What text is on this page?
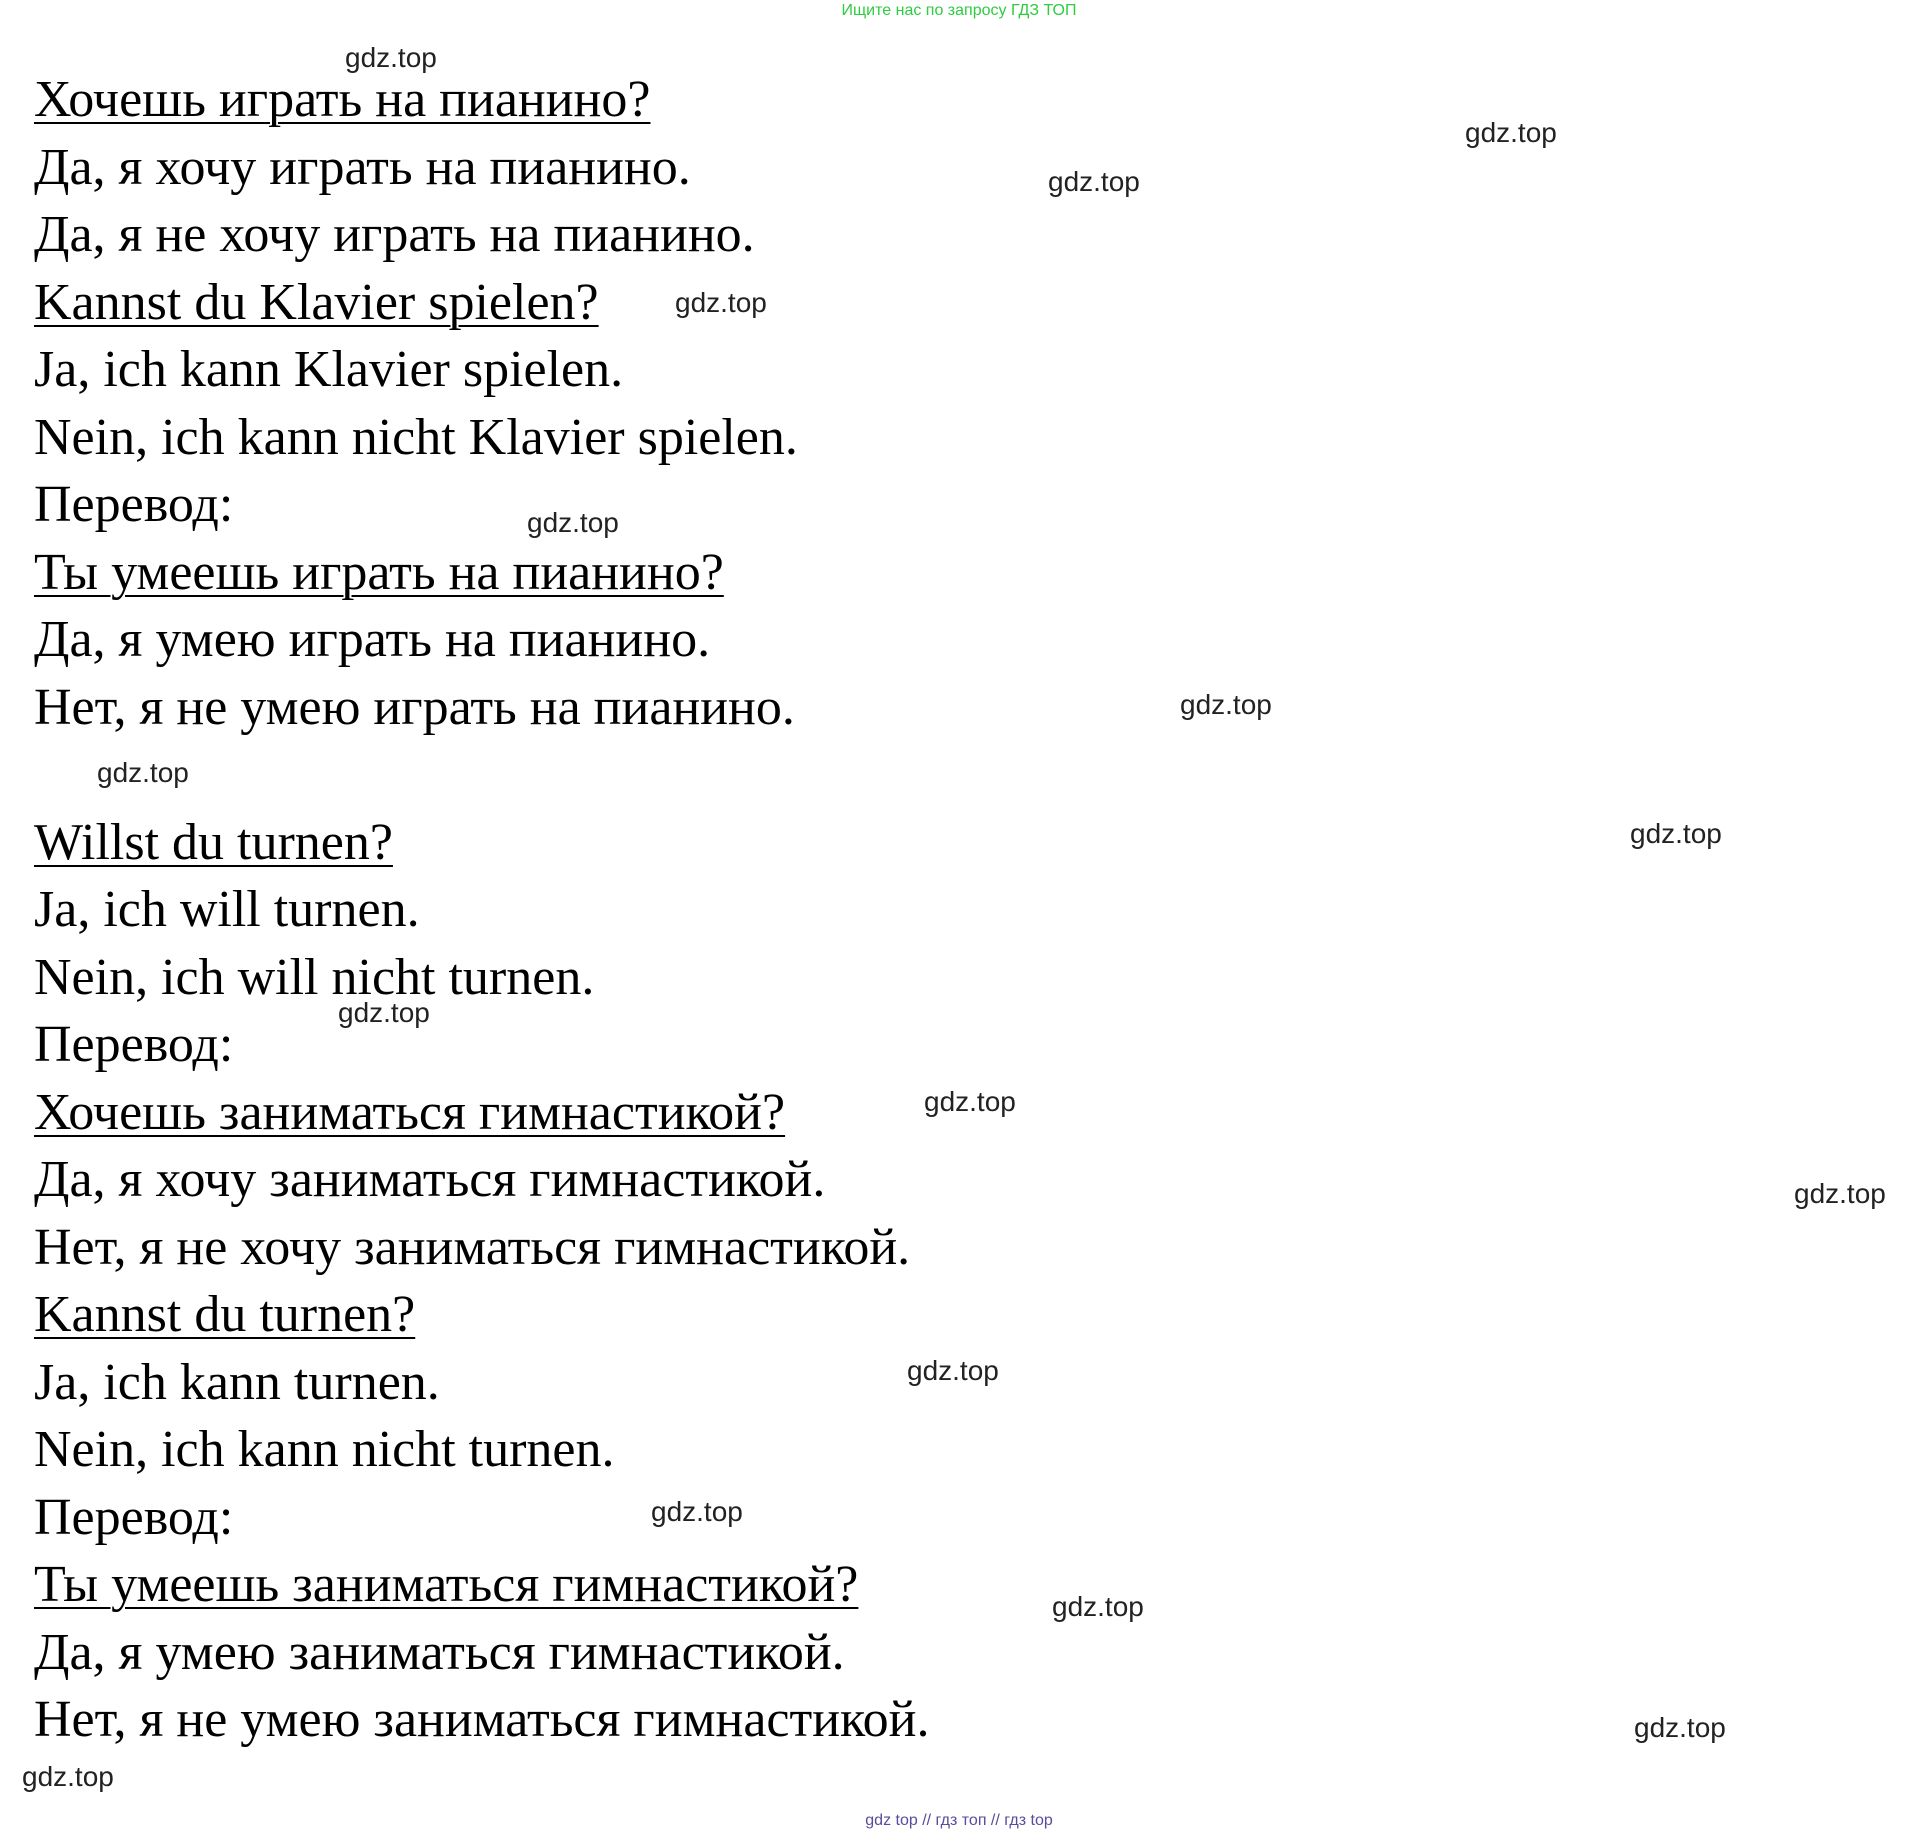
Ищите нас по запросу ГДЗ ТОП
Хочешь играть на пианино?
Да, я хочу играть на пианино.
Да, я не хочу играть на пианино.
Kannst du Klavier spielen?
Ja, ich kann Klavier spielen.
Nein, ich kann nicht Klavier spielen.
Перевод:
Ты умеешь играть на пианино?
Да, я умею играть на пианино.
Нет, я не умею играть на пианино.
Willst du turnen?
Ja, ich will turnen.
Nein, ich will nicht turnen.
Перевод:
Хочешь заниматься гимнастикой?
Да, я хочу заниматься гимнастикой.
Нет, я не хочу заниматься гимнастикой.
Kannst du turnen?
Ja, ich kann turnen.
Nein, ich kann nicht turnen.
Перевод:
Ты умеешь заниматься гимнастикой?
Да, я умею заниматься гимнастикой.
Нет, я не умею заниматься гимнастикой.
gdz.top
gdz.top
gdz.top
gdz.top
gdz.top
gdz.top
gdz.top
gdz.top
gdz.top
gdz.top
gdz.top
gdz.top
gdz.top
gdz.top
gdz.top
gdz.top
gdz top // гдз топ // гдз top
